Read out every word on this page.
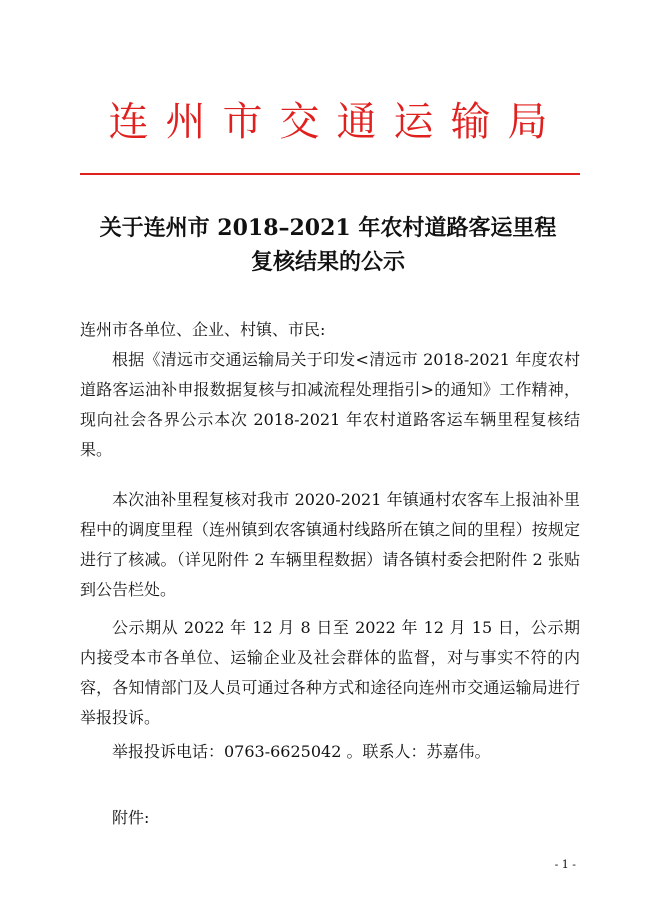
连州市交通运输局
关于连州市 2018–2021 年农村道路客运里程
复核结果的公示
连州市各单位、企业、村镇、市民:
根据《清远市交通运输局关于印发<清远市 2018-2021 年度农村道路客运油补申报数据复核与扣减流程处理指引>的通知》工作精神，现向社会各界公示本次 2018-2021 年农村道路客运车辆里程复核结果。
本次油补里程复核对我市 2020-2021 年镇通村农客车上报油补里程中的调度里程（连州镇到农客镇通村线路所在镇之间的里程）按规定进行了核减。（详见附件 2 车辆里程数据）请各镇村委会把附件 2 张贴到公告栏处。
公示期从 2022 年 12 月 8 日至 2022 年 12 月 15 日，公示期内接受本市各单位、运输企业及社会群体的监督，对与事实不符的内容，各知情部门及人员可通过各种方式和途径向连州市交通运输局进行举报投诉。
举报投诉电话：0763-6625042 。联系人：苏嘉伟。
附件:
- 1 -
